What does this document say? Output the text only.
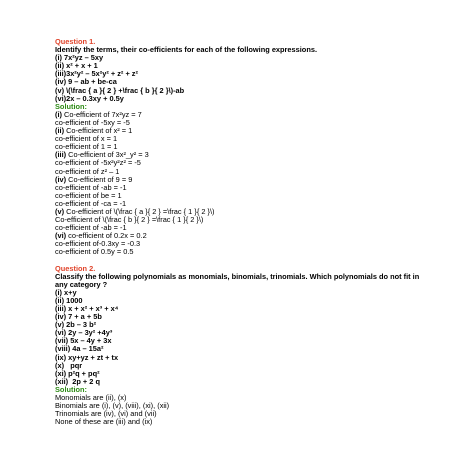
Question 1.
Identify the terms, their co-efficients for each of the following expressions.
(i) 7x²yz – 5xy
(ii) x² + x + 1
(iii)3x²y² – 5x²y² + z² + z²
(iv) 9 – ab + be-ca
(v) \(\frac { a }{ 2 } +\frac { b }{ 2 }\)-ab
(vi)2x – 0.3xy + 0.5y
Solution:
(i) Co-efficient of 7x²yz = 7
co-efficient of -5xy = -5
(ii) Co-efficient of x² = 1
co-efficient of x = 1
co-efficient of 1 = 1
(iii) Co-efficient of 3x²_y² = 3
co-efficient of -5x²y²z² = -5
co-efficient of z² – 1
(iv) Co-efficient of 9 = 9
co-efficient of -ab = -1
co-efficient of be = 1
co-efficient of -ca = -1
(v) Co-efficient of \(\frac { a }{ 2 } =\frac { 1 }{ 2 }\)
Co-efficient of \(\frac { b }{ 2 } =\frac { 1 }{ 2 }\)
co-efficient of -ab = -1
(vi) co-efficient of 0.2x = 0.2
co-efficient of-0.3xy = -0.3
co-efficient of 0.5y = 0.5
Question 2.
Classify the following polynomials as monomials, binomials, trinomials. Which polynomials do not fit in any category ?
(i) x+y
(ii) 1000
(iii) x + x² + x³ + x⁴
(iv) 7 + a + 5b
(v) 2b – 3 b²
(vi) 2y – 3y² +4y³
(vii) 5x – 4y + 3x
(viii) 4a – 15a²
(ix) xy+yz + zt + tx
(x)   pqr
(xi) p²q + pq²
(xii)  2p + 2 q
Solution:
Monomials are (ii), (x)
Binomials are (i), (v), (viii), (xi), (xii)
Trinomials are (iv), (vi) and (vii)
None of these are (iii) and (ix)
